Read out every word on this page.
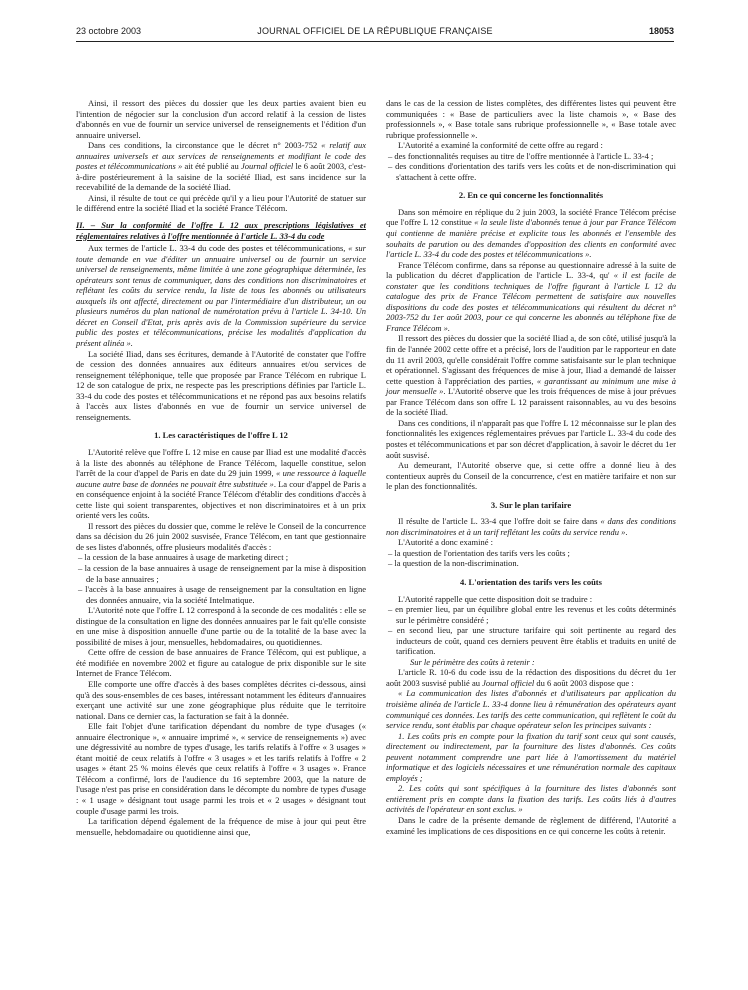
23 octobre 2003	JOURNAL OFFICIEL DE LA RÉPUBLIQUE FRANÇAISE	18053

Ainsi, il ressort des pièces du dossier que les deux parties avaient bien eu l'intention de négocier sur la conclusion d'un accord relatif à la cession de listes d'abonnés en vue de fournir un service universel de renseignements et l'édition d'un annuaire universel.

Dans ces conditions, la circonstance que le décret n° 2003-752 « relatif aux annuaires universels et aux services de renseignements et modifiant le code des postes et télécommunications » ait été publié au Journal officiel le 6 août 2003, c'est-à-dire postérieurement à la saisine de la société Iliad, est sans incidence sur la recevabilité de la demande de la société Iliad.

Ainsi, il résulte de tout ce qui précède qu'il y a lieu pour l'Autorité de statuer sur le différend entre la société Iliad et la société France Télécom.

II. – Sur la conformité de l'offre L 12 aux prescriptions législatives et réglementaires relatives à l'offre mentionnée à l'article L. 33-4 du code

Aux termes de l'article L. 33-4 du code des postes et télécommunications, « sur toute demande en vue d'éditer un annuaire universel ou de fournir un service universel de renseignements, même limitée à une zone géographique déterminée, les opérateurs sont tenus de communiquer, dans des conditions non discriminatoires et reflétant les coûts du service rendu, la liste de tous les abonnés ou utilisateurs auxquels ils ont affecté, directement ou par l'intermédiaire d'un distributeur, un ou plusieurs numéros du plan national de numérotation prévu à l'article L. 34-10. Un décret en Conseil d'Etat, pris après avis de la Commission supérieure du service public des postes et télécommunications, précise les modalités d'application du présent alinéa ».

La société Iliad, dans ses écritures, demande à l'Autorité de constater que l'offre de cession des données annuaires aux éditeurs annuaires et/ou services de renseignement téléphonique, telle que proposée par France Télécom en rubrique L 12 de son catalogue de prix, ne respecte pas les prescriptions définies par l'article L. 33-4 du code des postes et télécommunications et ne répond pas aux besoins relatifs à l'accès aux listes d'abonnés en vue de fournir un service universel de renseignements.

1. Les caractéristiques de l'offre L 12

L'Autorité relève que l'offre L 12 mise en cause par Iliad est une modalité d'accès à la liste des abonnés au téléphone de France Télécom, laquelle constitue, selon l'arrêt de la cour d'appel de Paris en date du 29 juin 1999, « une ressource à laquelle aucune autre base de données ne pouvait être substituée ». La cour d'appel de Paris a en conséquence enjoint à la société France Télécom d'établir des conditions d'accès à cette liste qui soient transparentes, objectives et non discriminatoires et à un prix orienté vers les coûts.

Il ressort des pièces du dossier que, comme le relève le Conseil de la concurrence dans sa décision du 26 juin 2002 susvisée, France Télécom, en tant que gestionnaire de ses listes d'abonnés, offre plusieurs modalités d'accès :

– la cession de la base annuaires à usage de marketing direct ;
– la cession de la base annuaires à usage de renseignement par la mise à disposition de la base annuaires ;
– l'accès à la base annuaires à usage de renseignement par la consultation en ligne des données annuaire, via la société Intelmatique.

L'Autorité note que l'offre L 12 correspond à la seconde de ces modalités : elle se distingue de la consultation en ligne des données annuaires par le fait qu'elle consiste en une mise à disposition annuelle d'une partie ou de la totalité de la base avec la possibilité de mises à jour, mensuelles, hebdomadaires, ou quotidiennes.

Cette offre de cession de base annuaires de France Télécom, qui est publique, a été modifiée en novembre 2002 et figure au catalogue de prix disponible sur le site Internet de France Télécom.

Elle comporte une offre d'accès à des bases complètes décrites ci-dessous, ainsi qu'à des sous-ensembles de ces bases, intéressant notamment les éditeurs d'annuaires exerçant une activité sur une zone géographique plus réduite que le territoire national. Dans ce dernier cas, la facturation se fait à la donnée.

Elle fait l'objet d'une tarification dépendant du nombre de type d'usages (« annuaire électronique », « annuaire imprimé », « service de renseignements ») avec une dégressivité au nombre de types d'usage, les tarifs relatifs à l'offre « 3 usages » étant moitié de ceux relatifs à l'offre « 3 usages » et les tarifs relatifs à l'offre « 2 usages » étant 25 % moins élevés que ceux relatifs à l'offre « 3 usages ». France Télécom a confirmé, lors de l'audience du 16 septembre 2003, que la nature de l'usage n'est pas prise en considération dans le décompte du nombre de types d'usage : « 1 usage » désignant tout usage parmi les trois et « 2 usages » désignant tout couple d'usage parmi les trois.

La tarification dépend également de la fréquence de mise à jour qui peut être mensuelle, hebdomadaire ou quotidienne ainsi que,

dans le cas de la cession de listes complètes, des différentes listes qui peuvent être communiquées : « Base de particuliers avec la liste chamois », « Base des professionnels », « Base totale sans rubrique professionnelle », « Base totale avec rubrique professionnelle ».

L'Autorité a examiné la conformité de cette offre au regard :

– des fonctionnalités requises au titre de l'offre mentionnée à l'article L. 33-4 ;
– des conditions d'orientation des tarifs vers les coûts et de non-discrimination qui s'attachent à cette offre.
2. En ce qui concerne les fonctionnalités

Dans son mémoire en réplique du 2 juin 2003, la société France Télécom précise que l'offre L 12 constitue « la seule liste d'abonnés tenue à jour par France Télécom qui contienne de manière précise et explicite tous les abonnés et l'ensemble des souhaits de parution ou des demandes d'opposition des clients en conformité avec l'article L. 33-4 du code des postes et télécommunications ».

France Télécom confirme, dans sa réponse au questionnaire adressé à la suite de la publication du décret d'application de l'article L. 33-4, qu' « il est facile de constater que les conditions techniques de l'offre figurant à l'article L 12 du catalogue des prix de France Télécom permettent de satisfaire aux nouvelles dispositions du code des postes et télécommunications qui résultent du décret n° 2003-752 du 1er août 2003, pour ce qui concerne les abonnés au téléphone fixe de France Télécom ».

Il ressort des pièces du dossier que la société Iliad a, de son côté, utilisé jusqu'à la fin de l'année 2002 cette offre et a précisé, lors de l'audition par le rapporteur en date du 11 avril 2003, qu'elle considérait l'offre comme satisfaisante sur le plan technique et opérationnel. S'agissant des fréquences de mise à jour, Iliad a demandé de laisser cette question à l'appréciation des parties, « garantissant au minimum une mise à jour mensuelle ». L'Autorité observe que les trois fréquences de mise à jour prévues par France Télécom dans son offre L 12 paraissent raisonnables, au vu des besoins de la société Iliad.

Dans ces conditions, il n'apparaît pas que l'offre L 12 méconnaisse sur le plan des fonctionnalités les exigences réglementaires prévues par l'article L. 33-4 du code des postes et télécommunications et par son décret d'application, à savoir le décret du 1er août susvisé.

Au demeurant, l'Autorité observe que, si cette offre a donné lieu à des contentieux auprès du Conseil de la concurrence, c'est en matière tarifaire et non sur le plan des fonctionnalités.

3. Sur le plan tarifaire

Il résulte de l'article L. 33-4 que l'offre doit se faire dans « dans des conditions non discriminatoires et à un tarif reflétant les coûts du service rendu ».

L'Autorité a donc examiné :

– la question de l'orientation des tarifs vers les coûts ;
– la question de la non-discrimination.
4. L'orientation des tarifs vers les coûts

L'Autorité rappelle que cette disposition doit se traduire :

– en premier lieu, par un équilibre global entre les revenus et les coûts déterminés sur le périmètre considéré ;
– en second lieu, par une structure tarifaire qui soit pertinente au regard des inducteurs de coût, quand ces derniers peuvent être établis et traduits en unité de tarification.

Sur le périmètre des coûts à retenir :

L'article R. 10-6 du code issu de la rédaction des dispositions du décret du 1er août 2003 susvisé publié au Journal officiel du 6 août 2003 dispose que :

« La communication des listes d'abonnés et d'utilisateurs par application du troisième alinéa de l'article L. 33-4 donne lieu à rémunération des opérateurs ayant communiqué ces données. Les tarifs des cette communication, qui reflètent le coût du service rendu, sont établis par chaque opérateur selon les principes suivants :

1. Les coûts pris en compte pour la fixation du tarif sont ceux qui sont causés, directement ou indirectement, par la fourniture des listes d'abonnés. Ces coûts peuvent notamment comprendre une part liée à l'amortissement du matériel informatique et des logiciels nécessaires et une rémunération normale des capitaux employés ;

2. Les coûts qui sont spécifiques à la fourniture des listes d'abonnés sont entièrement pris en compte dans la fixation des tarifs. Les coûts liés à d'autres activités de l'opérateur en sont exclus. »

Dans le cadre de la présente demande de règlement de différend, l'Autorité a examiné les implications de ces dispositions en ce qui concerne les coûts à retenir.
